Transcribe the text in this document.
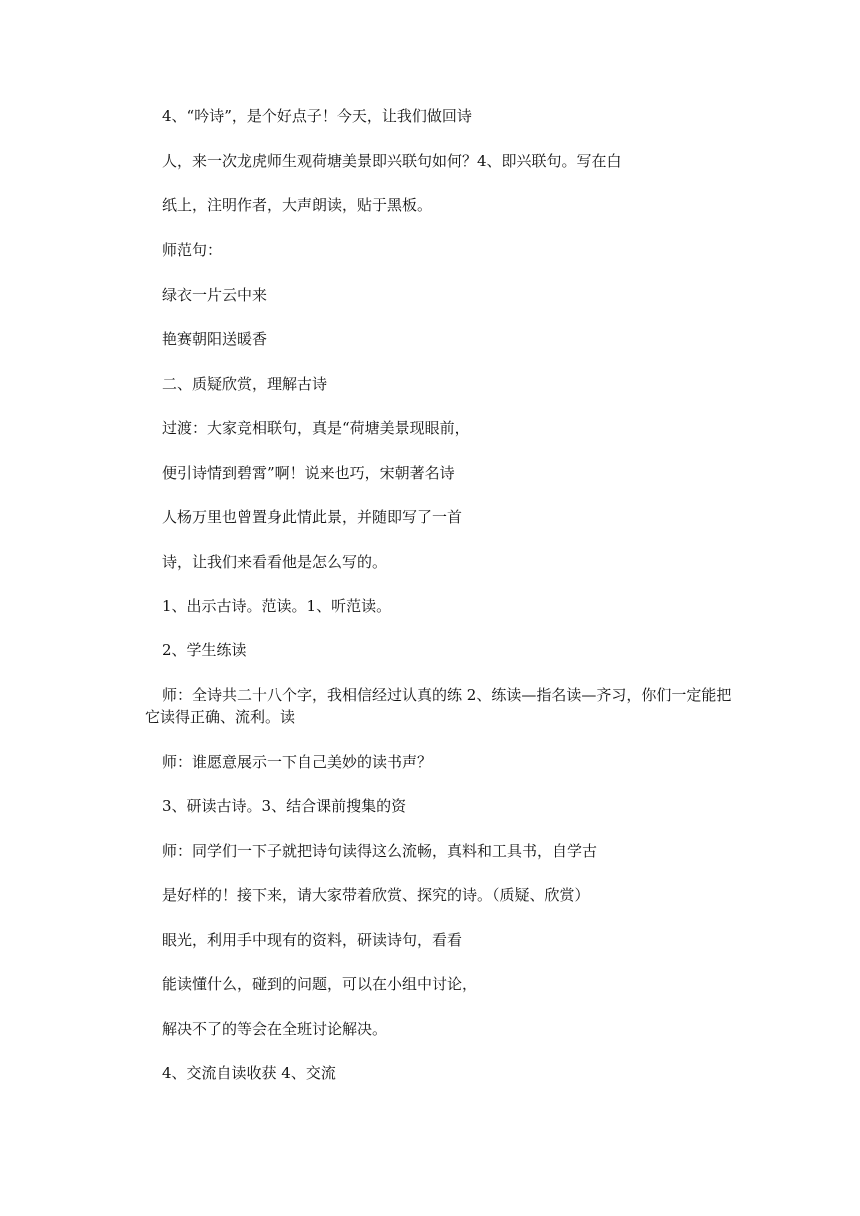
4、“吟诗”，是个好点子！今天，让我们做回诗
人，来一次龙虎师生观荷塘美景即兴联句如何？4、即兴联句。写在白
纸上，注明作者，大声朗读，贴于黑板。
师范句：
绿衣一片云中来
艳赛朝阳送暖香
二、质疑欣赏，理解古诗
过渡：大家竞相联句，真是“荷塘美景现眼前，
便引诗情到碧霄”啊！说来也巧，宋朝著名诗
人杨万里也曾置身此情此景，并随即写了一首
诗，让我们来看看他是怎么写的。
1、出示古诗。范读。1、听范读。
2、学生练读
师：全诗共二十八个字，我相信经过认真的练 2、练读—指名读—齐习，你们一定能把
它读得正确、流利。读
师：谁愿意展示一下自己美妙的读书声？
3、研读古诗。3、结合课前搜集的资
师：同学们一下子就把诗句读得这么流畅，真料和工具书，自学古
是好样的！接下来，请大家带着欣赏、探究的诗。（质疑、欣赏）
眼光，利用手中现有的资料，研读诗句，看看
能读懂什么，碰到的问题，可以在小组中讨论，
解决不了的等会在全班讨论解决。
4、交流自读收获 4、交流
